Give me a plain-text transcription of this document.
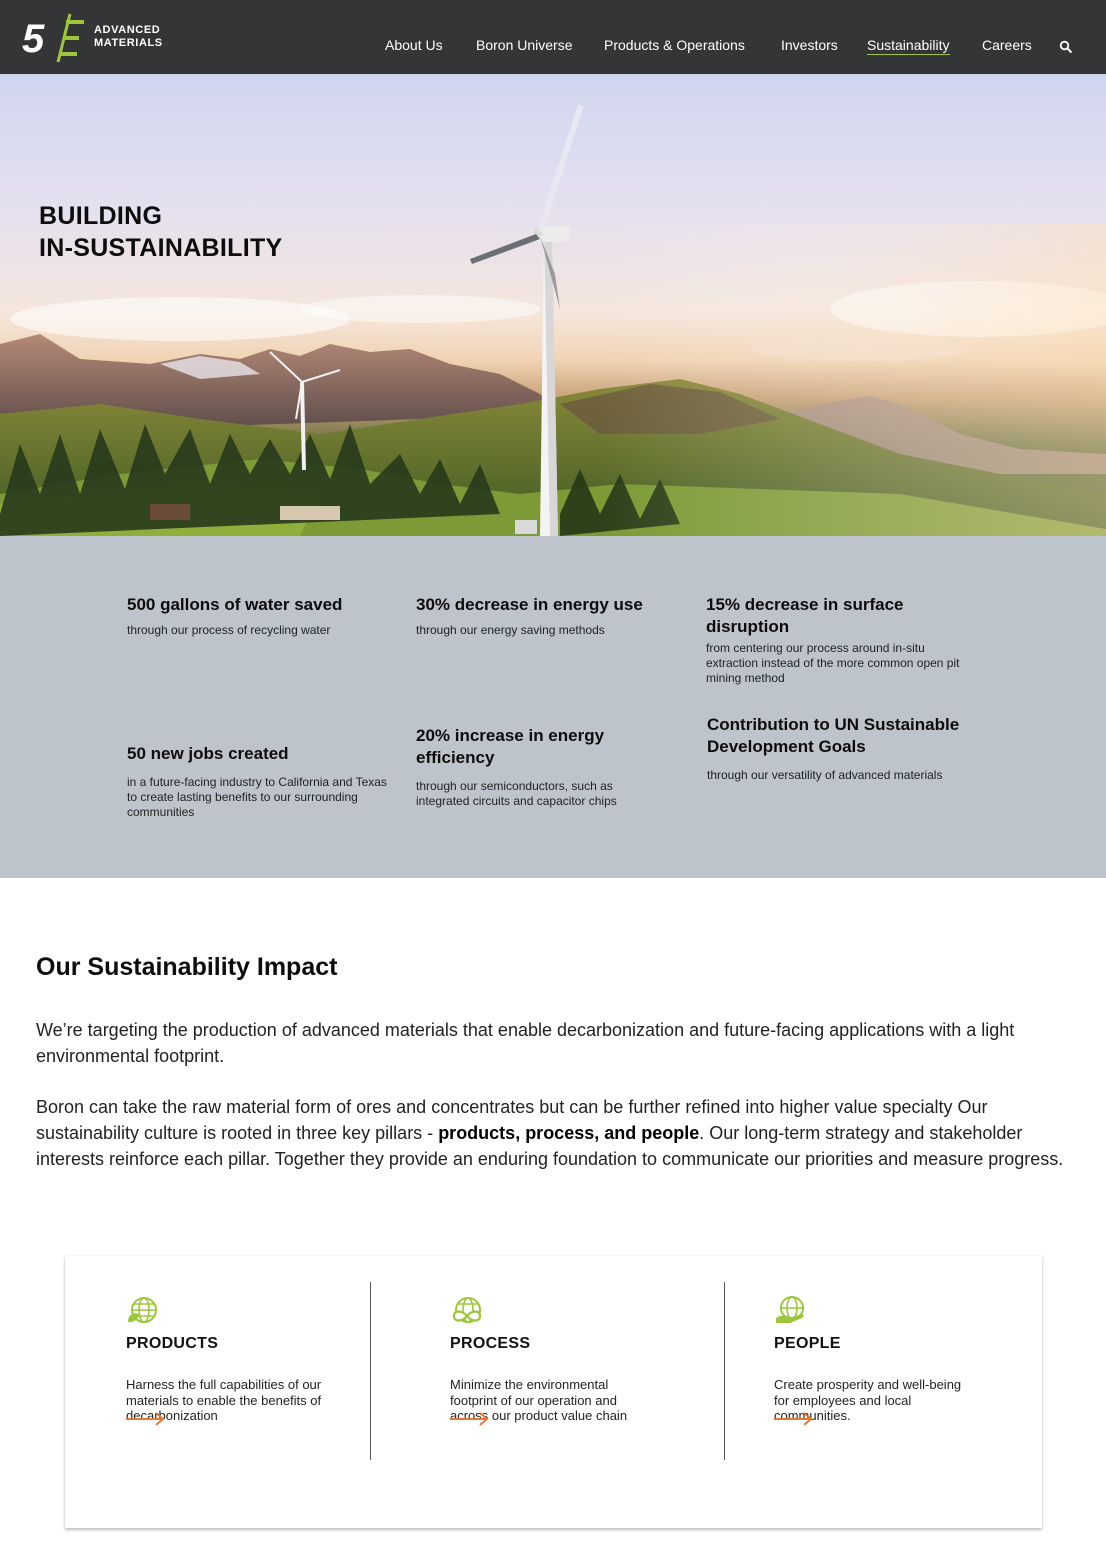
5	ADVANCED
MATERIALS	About Us Boron Universe Products & Operations	Investors Sustainability Careers
BUILDING
IN-SUSTAINABILITY
500 gallons of water saved
through our process of recycling water
30% decrease in energy use
through our energy saving methods
15% decrease in surface disruption
from centering our process around in-situ extraction instead of the more common open pit mining method
50 new jobs created
in a future-facing industry to California and Texas to create lasting benefits to our surrounding communities
20% increase in energy efficiency
through our semiconductors, such as integrated circuits and capacitor chips
Contribution to UN Sustainable Development Goals
through our versatility of advanced materials
Our Sustainability Impact

We’re targeting the production of advanced materials that enable decarbonization and future-facing applications with a light environmental footprint.

Boron can take the raw material form of ores and concentrates but can be further refined into higher value specialty Our sustainability culture is rooted in three key pillars - products, process, and people. Our long-term strategy and stakeholder interests reinforce each pillar. Together they provide an enduring foundation to communicate our priorities and measure progress.

PRODUCTS
Harness the full capabilities of our materials to enable the benefits of decarbonization
PROCESS
Minimize the environmental footprint of our operation and across our product value chain
PEOPLE
Create prosperity and well-being for employees and local communities.
